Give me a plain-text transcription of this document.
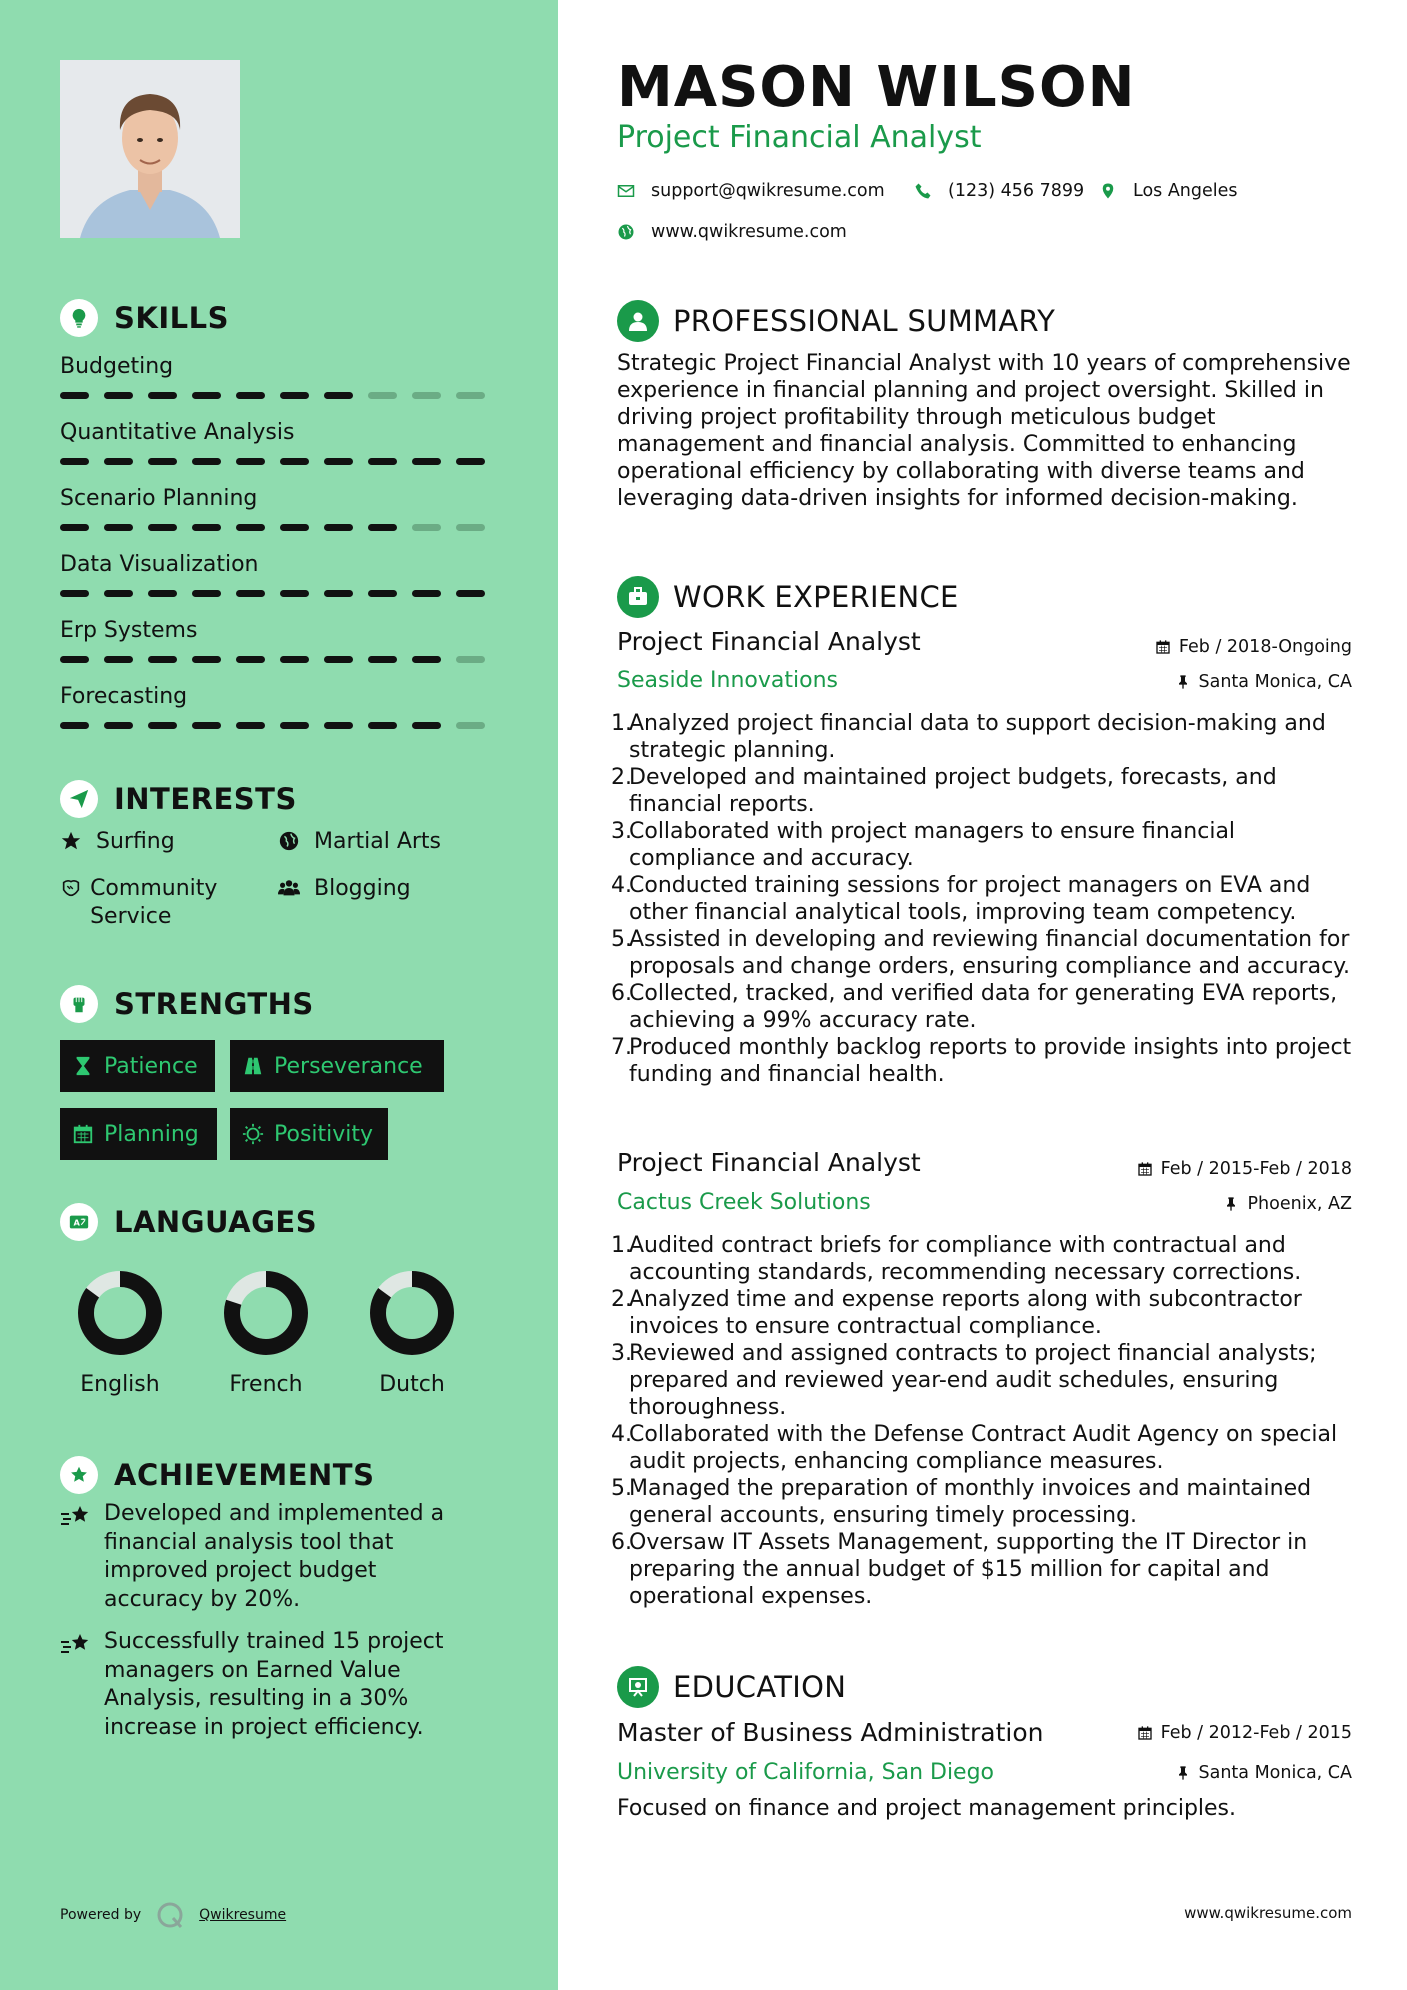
SKILLS
Budgeting
Quantitative Analysis
Scenario Planning
Data Visualization
Erp Systems
Forecasting
INTERESTS
Surfing	Martial Arts
Community Service
Blogging
STRENGTHS
Patience	Perseverance
Planning	Positivity
A LANGUAGES
English	French	Dutch
ACHIEVEMENTS
Developed and implemented a financial analysis tool that improved project budget accuracy by 20%.
Successfully trained 15 project managers on Earned Value Analysis, resulting in a 30% increase in project efficiency.
Powered by	Qwikresume
MASON WILSON
Project Financial Analyst
support@qwikresume.com	(123) 456 7899	Los Angeles
www.qwikresume.com
PROFESSIONAL SUMMARY
Strategic Project Financial Analyst with 10 years of comprehensive experience in financial planning and project oversight. Skilled in driving project profitability through meticulous budget management and financial analysis. Committed to enhancing operational efficiency by collaborating with diverse teams and leveraging data-driven insights for informed decision-making.
WORK EXPERIENCE
Project Financial Analyst	Feb / 2018-Ongoing
Seaside Innovations	Santa Monica, CA
1.
Analyzed project financial data to support decision-making and strategic planning.
2.
Developed and maintained project budgets, forecasts, and financial reports.
3.
Collaborated with project managers to ensure financial compliance and accuracy.
4.
Conducted training sessions for project managers on EVA and other financial analytical tools, improving team competency.
5.
Assisted in developing and reviewing financial documentation for proposals and change orders, ensuring compliance and accuracy.
6.
Collected, tracked, and verified data for generating EVA reports, achieving a 99% accuracy rate.
7.
Produced monthly backlog reports to provide insights into project funding and financial health.
Project Financial Analyst	Feb / 2015-Feb / 2018
Cactus Creek Solutions	Phoenix, AZ
1.
Audited contract briefs for compliance with contractual and accounting standards, recommending necessary corrections.
2.
Analyzed time and expense reports along with subcontractor invoices to ensure contractual compliance.
3.
Reviewed and assigned contracts to project financial analysts; prepared and reviewed year-end audit schedules, ensuring thoroughness.
4.
Collaborated with the Defense Contract Audit Agency on special audit projects, enhancing compliance measures.
5.
Managed the preparation of monthly invoices and maintained general accounts, ensuring timely processing.
6.
Oversaw IT Assets Management, supporting the IT Director in preparing the annual budget of $15 million for capital and operational expenses.
EDUCATION
Master of Business Administration	Feb / 2012-Feb / 2015
University of California, San Diego	Santa Monica, CA
Focused on finance and project management principles.
www.qwikresume.com
